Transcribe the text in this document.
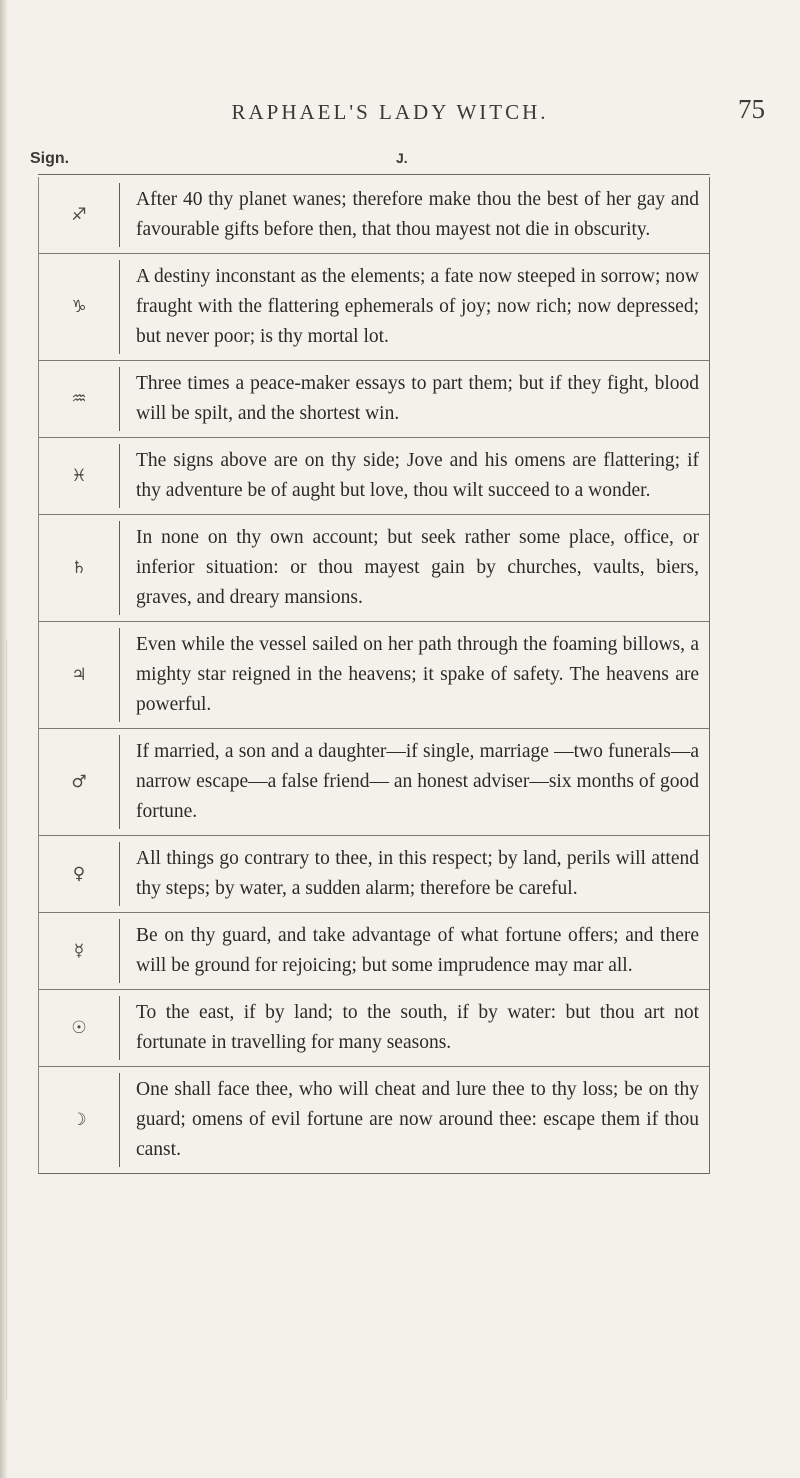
RAPHAEL'S LADY WITCH.	75
Sign.	J.
♐
After 40 thy planet wanes; therefore make thou the best of her gay and favourable gifts before then, that thou mayest not die in obscurity.
♑
A destiny inconstant as the elements; a fate now steeped in sorrow; now fraught with the flattering ephemerals of joy; now rich; now depressed; but never poor; is thy mortal lot.
♒
Three times a peace-maker essays to part them; but if they fight, blood will be spilt, and the shortest win.
♓
The signs above are on thy side; Jove and his omens are flattering; if thy adventure be of aught but love, thou wilt succeed to a wonder.
♄
In none on thy own account; but seek rather some place, office, or inferior situation: or thou mayest gain by churches, vaults, biers, graves, and dreary mansions.
♃
Even while the vessel sailed on her path through the foaming billows, a mighty star reigned in the heavens; it spake of safety. The heavens are powerful.
♂
If married, a son and a daughter—if single, marriage —two funerals—a narrow escape—a false friend— an honest adviser—six months of good fortune.
♀
All things go contrary to thee, in this respect; by land, perils will attend thy steps; by water, a sudden alarm; therefore be careful.
☿
Be on thy guard, and take advantage of what fortune offers; and there will be ground for rejoicing; but some imprudence may mar all.
☉
To the east, if by land; to the south, if by water: but thou art not fortunate in travelling for many seasons.
☽
One shall face thee, who will cheat and lure thee to thy loss; be on thy guard; omens of evil fortune are now around thee: escape them if thou canst.
